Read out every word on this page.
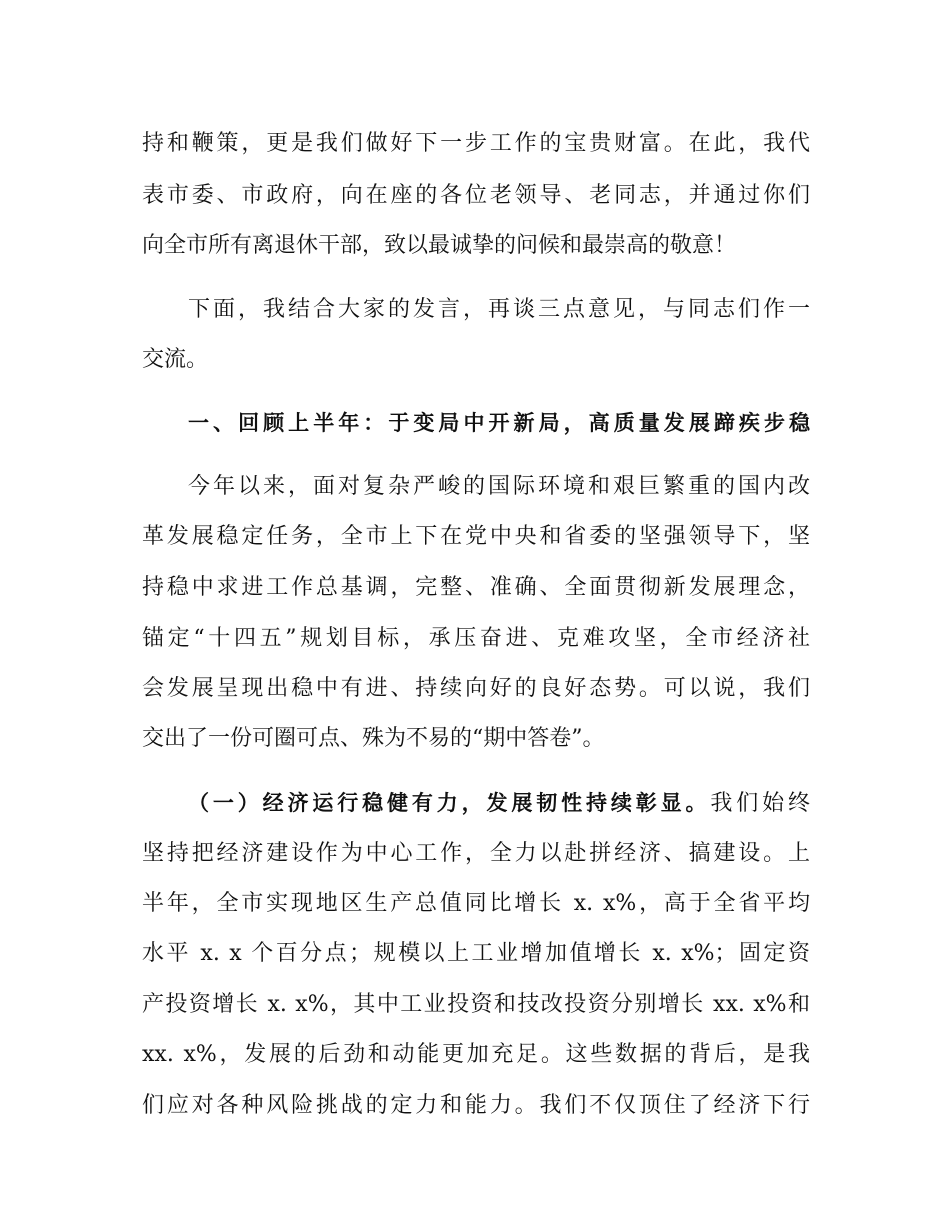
持和鞭策，更是我们做好下一步工作的宝贵财富。在此，我代
表市委、市政府，向在座的各位老领导、老同志，并通过你们
向全市所有离退休干部，致以最诚挚的问候和最崇高的敬意！
下面，我结合大家的发言，再谈三点意见，与同志们作一
交流。
一、回顾上半年：于变局中开新局，高质量发展蹄疾步稳
今年以来，面对复杂严峻的国际环境和艰巨繁重的国内改
革发展稳定任务，全市上下在党中央和省委的坚强领导下，坚
持稳中求进工作总基调，完整、准确、全面贯彻新发展理念，
锚定“十四五”规划目标，承压奋进、克难攻坚，全市经济社
会发展呈现出稳中有进、持续向好的良好态势。可以说，我们
交出了一份可圈可点、殊为不易的“期中答卷”。
（一）经济运行稳健有力，发展韧性持续彰显。我们始终
坚持把经济建设作为中心工作，全力以赴拼经济、搞建设。上
半年，全市实现地区生产总值同比增长 x. x%，高于全省平均
水平 x. x 个百分点；规模以上工业增加值增长 x. x%；固定资
产投资增长 x. x%，其中工业投资和技改投资分别增长 xx. x%和
xx. x%，发展的后劲和动能更加充足。这些数据的背后，是我
们应对各种风险挑战的定力和能力。我们不仅顶住了经济下行
